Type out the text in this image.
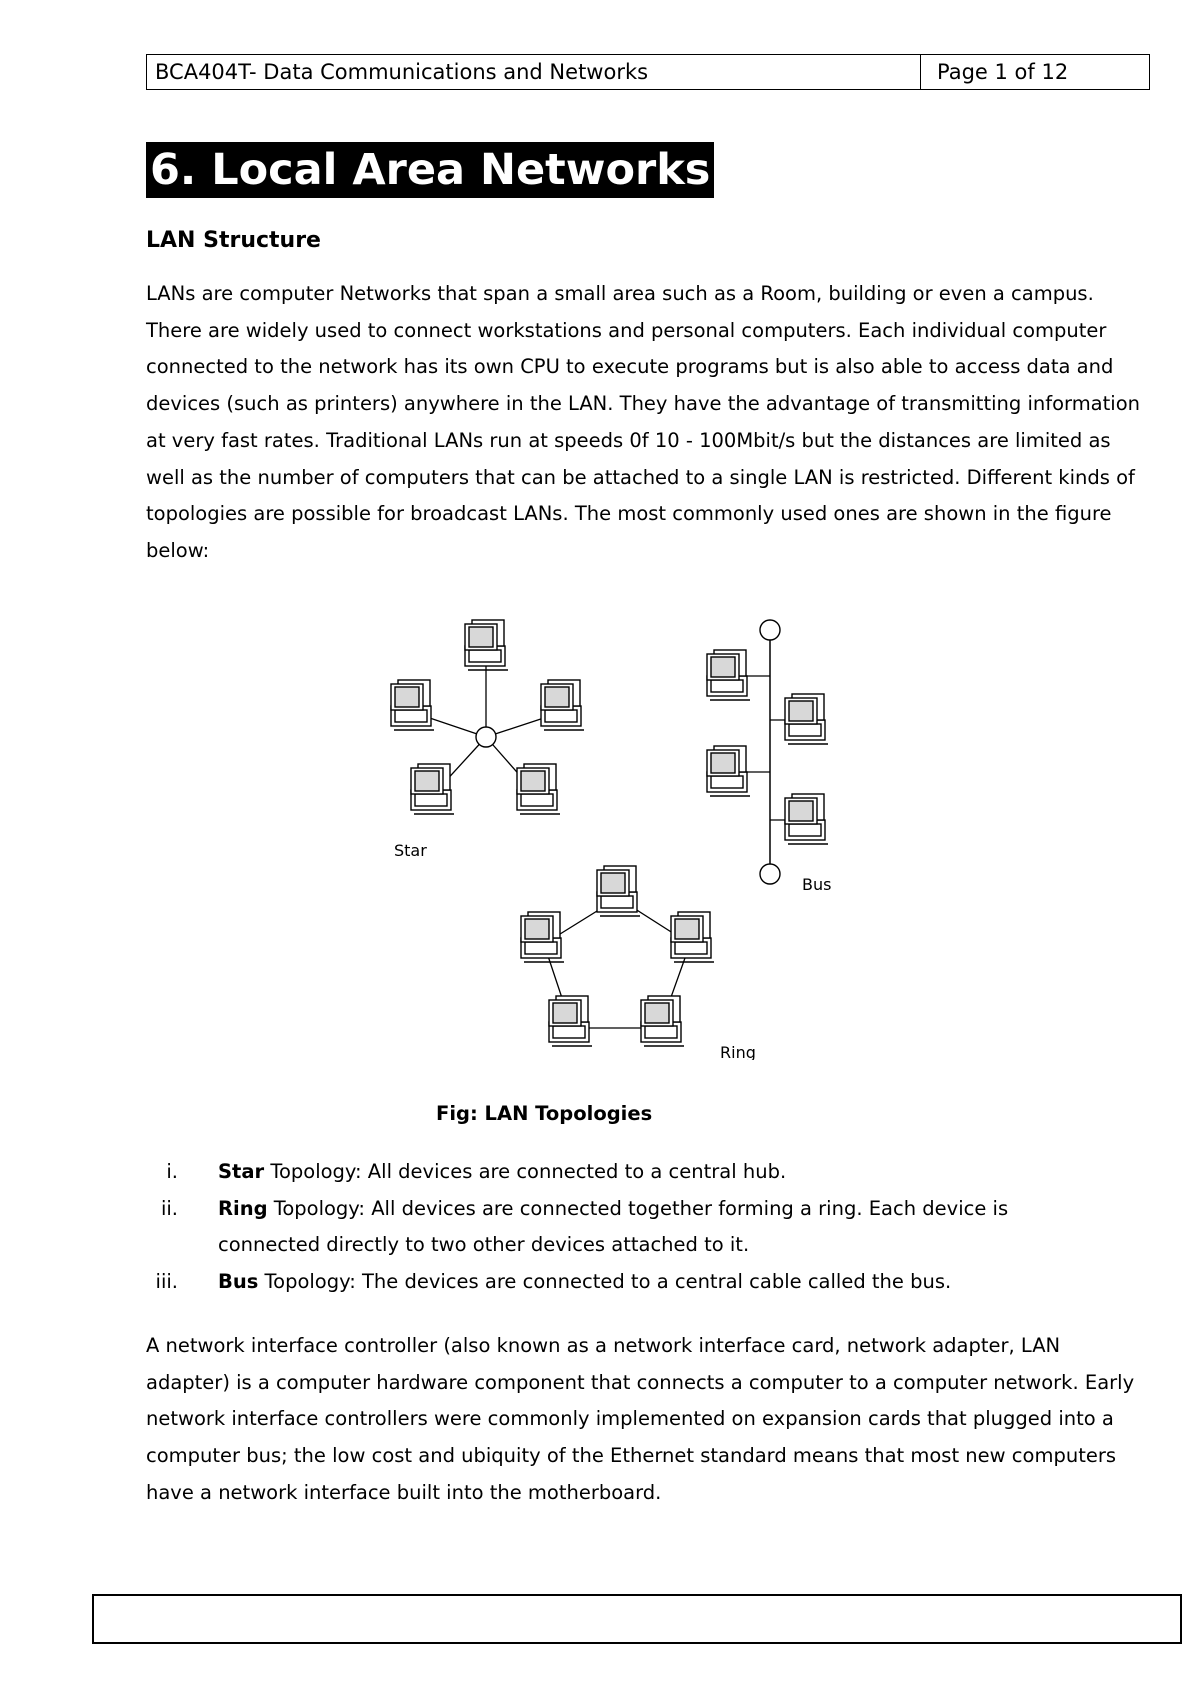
BCA404T- Data Communications and Networks	Page 1 of 12
6. Local Area Networks
LAN Structure

LANs are computer Networks that span a small area such as a Room, building or even a campus. There are widely used to connect workstations and personal computers. Each individual computer connected to the network has its own CPU to execute programs but is also able to access data and devices (such as printers) anywhere in the LAN. They have the advantage of transmitting information at very fast rates. Traditional LANs run at speeds 0f 10 - 100Mbit/s but the distances are limited as well as the number of computers that can be attached to a single LAN is restricted. Different kinds of topologies are possible for broadcast LANs. The most commonly used ones are shown in the figure below:

Star
Bus
Ring
Fig: LAN Topologies
i.	Star Topology: All devices are connected to a central hub.
ii.	Ring Topology: All devices are connected together forming a ring. Each device is connected directly to two other devices attached to it.
iii.	Bus Topology: The devices are connected to a central cable called the bus.

A network interface controller (also known as a network interface card, network adapter, LAN adapter) is a computer hardware component that connects a computer to a computer network. Early network interface controllers were commonly implemented on expansion cards that plugged into a computer bus; the low cost and ubiquity of the Ethernet standard means that most new computers have a network interface built into the motherboard.
